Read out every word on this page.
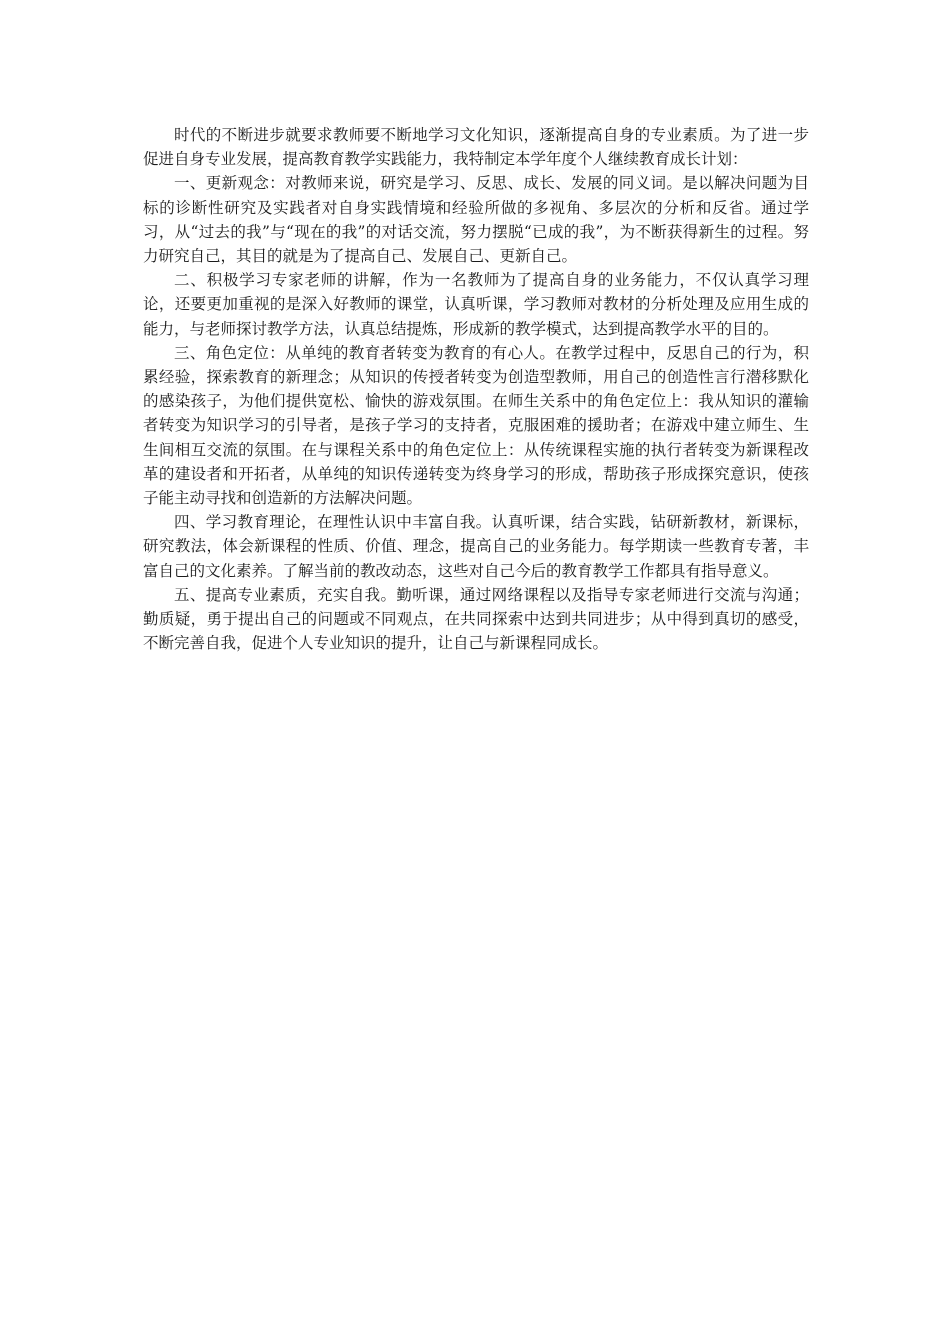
时代的不断进步就要求教师要不断地学习文化知识，逐渐提高自身的专业素质。为了进一步促进自身专业发展，提高教育教学实践能力，我特制定本学年度个人继续教育成长计划：

一、更新观念：对教师来说，研究是学习、反思、成长、发展的同义词。是以解决问题为目标的诊断性研究及实践者对自身实践情境和经验所做的多视角、多层次的分析和反省。通过学习，从“过去的我”与“现在的我”的对话交流，努力摆脱“已成的我”，为不断获得新生的过程。努力研究自己，其目的就是为了提高自己、发展自己、更新自己。

二、积极学习专家老师的讲解，作为一名教师为了提高自身的业务能力，不仅认真学习理论，还要更加重视的是深入好教师的课堂，认真听课，学习教师对教材的分析处理及应用生成的能力，与老师探讨教学方法，认真总结提炼，形成新的教学模式，达到提高教学水平的目的。

三、角色定位：从单纯的教育者转变为教育的有心人。在教学过程中，反思自己的行为，积累经验，探索教育的新理念；从知识的传授者转变为创造型教师，用自己的创造性言行潜移默化的感染孩子，为他们提供宽松、愉快的游戏氛围。在师生关系中的角色定位上：我从知识的灌输者转变为知识学习的引导者，是孩子学习的支持者，克服困难的援助者；在游戏中建立师生、生生间相互交流的氛围。在与课程关系中的角色定位上：从传统课程实施的执行者转变为新课程改革的建设者和开拓者，从单纯的知识传递转变为终身学习的形成，帮助孩子形成探究意识，使孩子能主动寻找和创造新的方法解决问题。

四、学习教育理论，在理性认识中丰富自我。认真听课，结合实践，钻研新教材，新课标，研究教法，体会新课程的性质、价值、理念，提高自己的业务能力。每学期读一些教育专著，丰富自己的文化素养。了解当前的教改动态，这些对自己今后的教育教学工作都具有指导意义。

五、提高专业素质，充实自我。勤听课，通过网络课程以及指导专家老师进行交流与沟通；勤质疑，勇于提出自己的问题或不同观点，在共同探索中达到共同进步；从中得到真切的感受，不断完善自我，促进个人专业知识的提升，让自己与新课程同成长。
